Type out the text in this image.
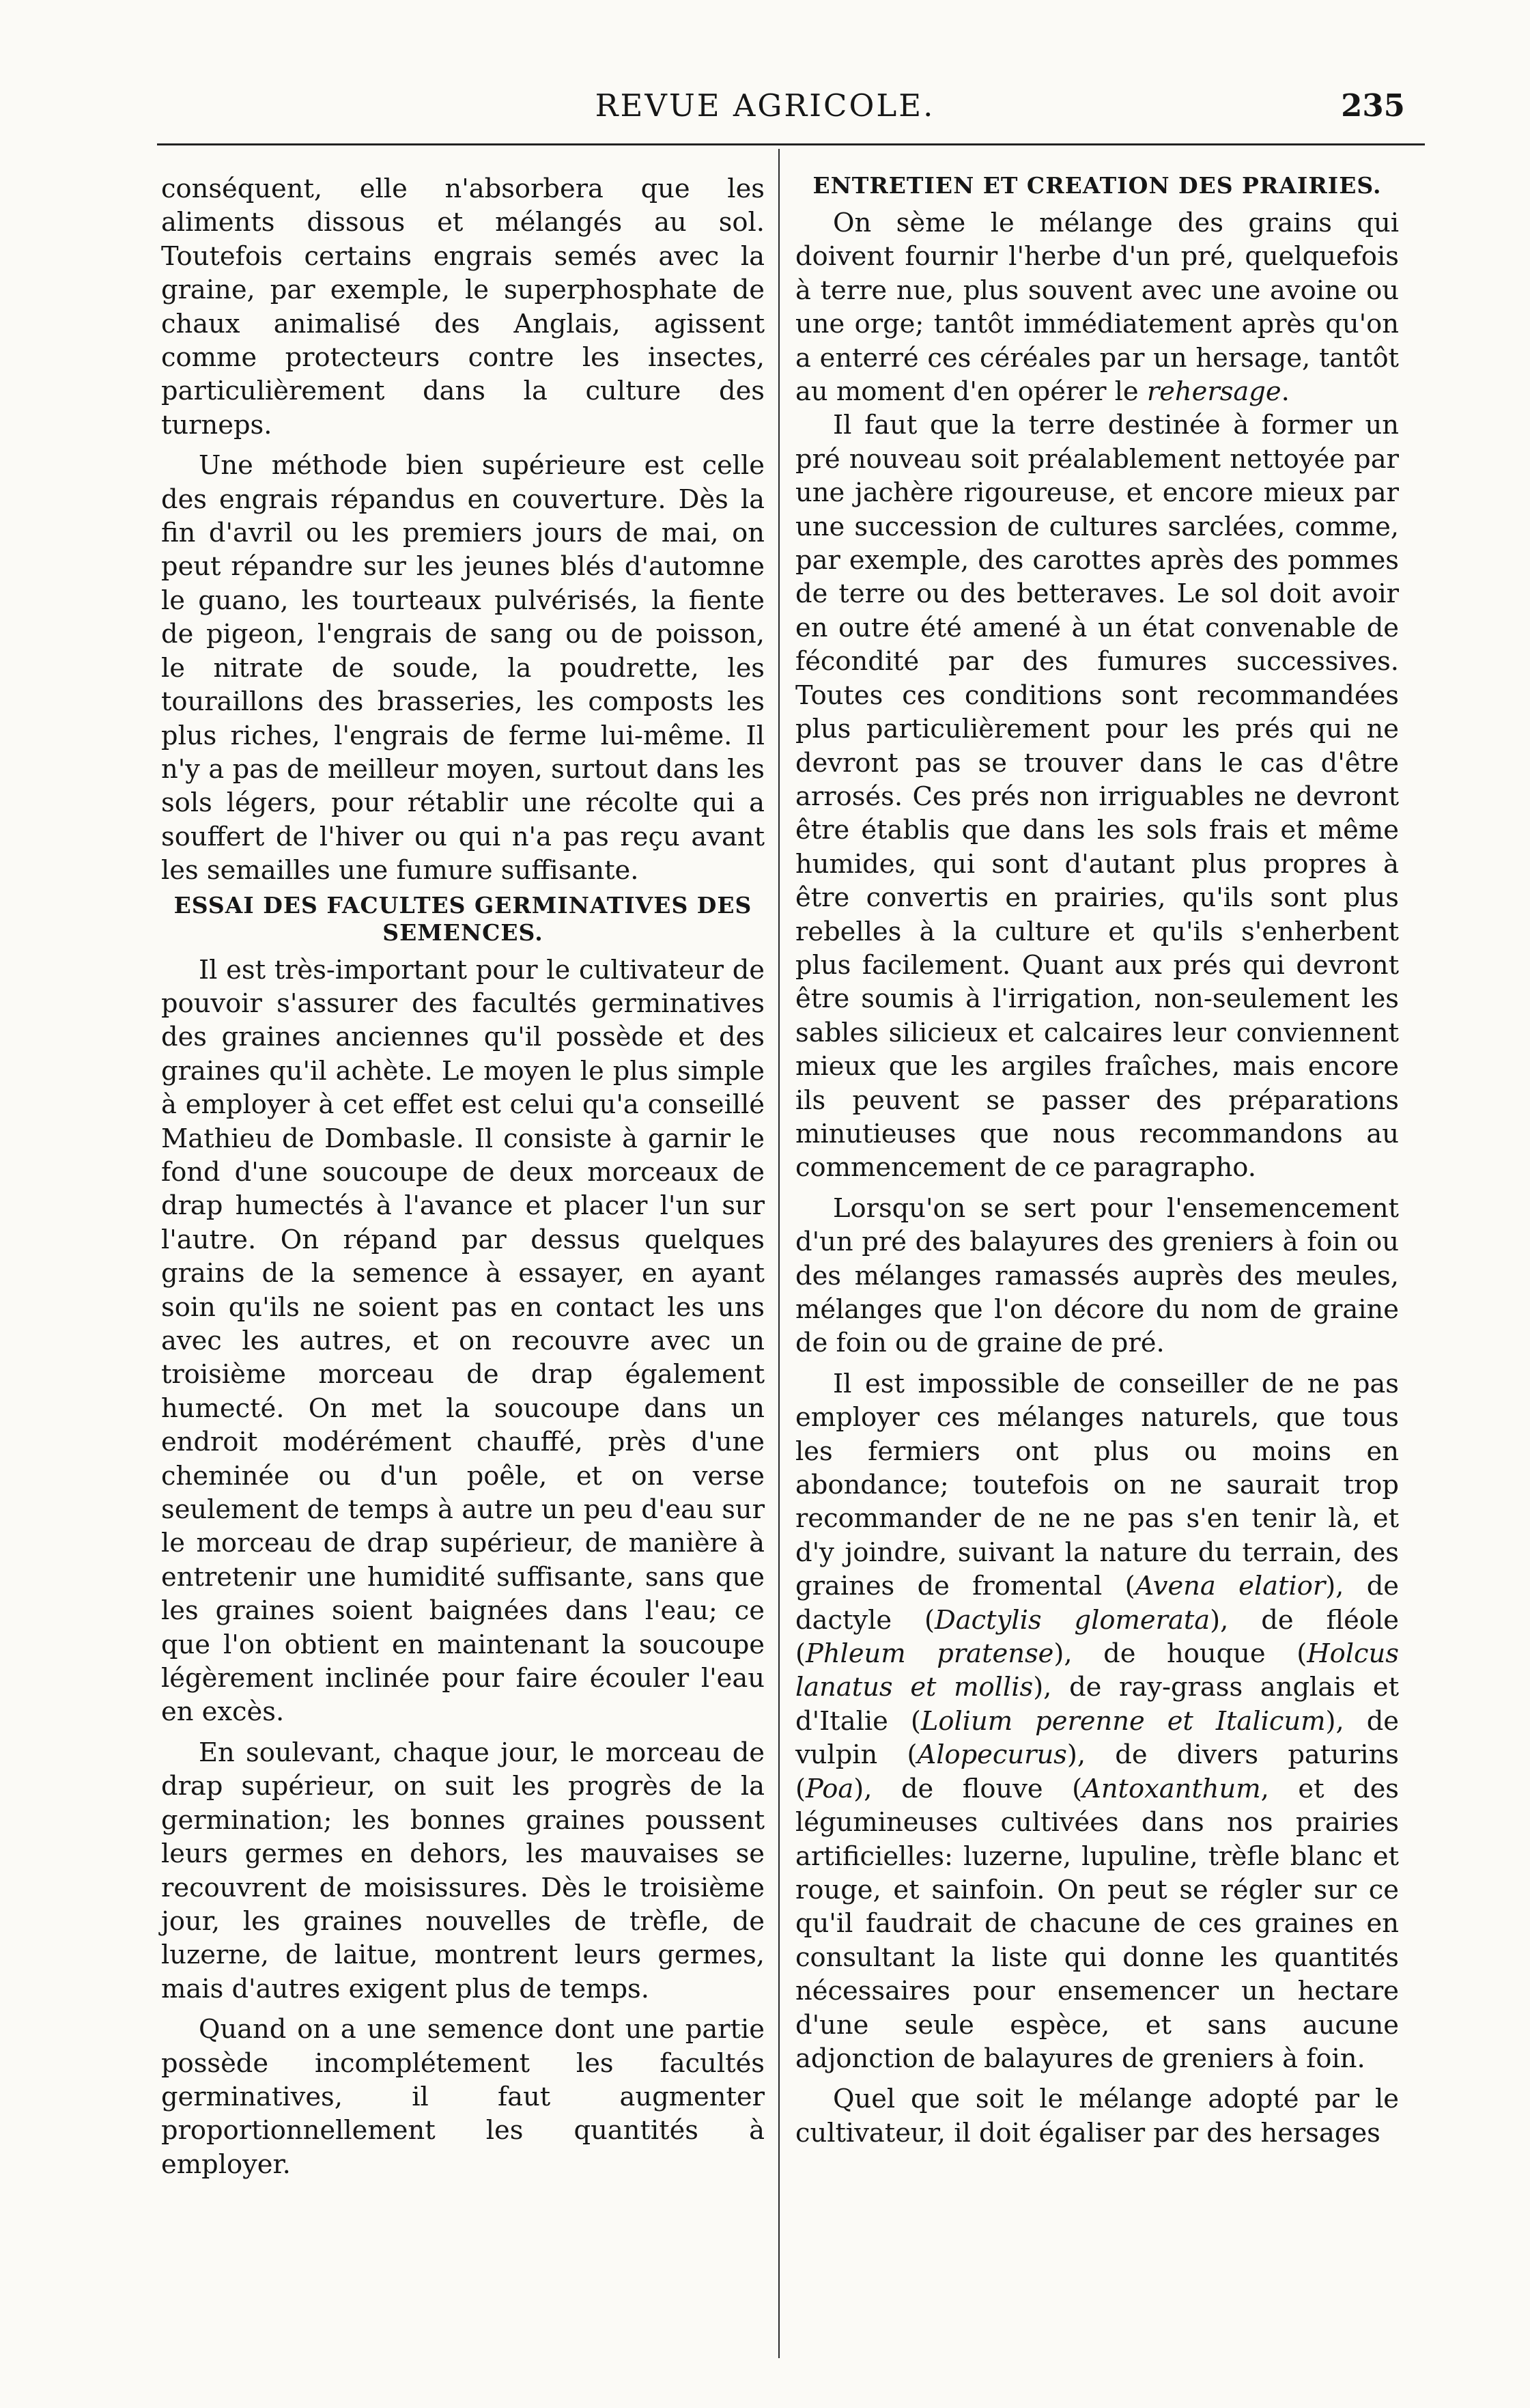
REVUE AGRICOLE.	235

conséquent, elle n'absorbera que les aliments dissous et mélangés au sol. Toutefois certains engrais semés avec la graine, par exemple, le superphosphate de chaux animalisé des Anglais, agissent comme protecteurs contre les insectes, particulièrement dans la culture des turneps.

Une méthode bien supérieure est celle des engrais répandus en couverture. Dès la fin d'avril ou les premiers jours de mai, on peut répandre sur les jeunes blés d'automne le guano, les tourteaux pulvérisés, la fiente de pigeon, l'engrais de sang ou de poisson, le nitrate de soude, la poudrette, les touraillons des brasseries, les composts les plus riches, l'engrais de ferme lui-même. Il n'y a pas de meilleur moyen, surtout dans les sols légers, pour rétablir une récolte qui a souffert de l'hiver ou qui n'a pas reçu avant les semailles une fumure suffisante.

ESSAI DES FACULTES GERMINATIVES DES SEMENCES.

Il est très-important pour le cultivateur de pouvoir s'assurer des facultés germinatives des graines anciennes qu'il possède et des graines qu'il achète. Le moyen le plus simple à employer à cet effet est celui qu'a conseillé Mathieu de Dombasle. Il consiste à garnir le fond d'une soucoupe de deux morceaux de drap humectés à l'avance et placer l'un sur l'autre. On répand par dessus quelques grains de la semence à essayer, en ayant soin qu'ils ne soient pas en contact les uns avec les autres, et on recouvre avec un troisième morceau de drap également humecté. On met la soucoupe dans un endroit modérément chauffé, près d'une cheminée ou d'un poêle, et on verse seulement de temps à autre un peu d'eau sur le morceau de drap supérieur, de manière à entretenir une humidité suffisante, sans que les graines soient baignées dans l'eau; ce que l'on obtient en maintenant la soucoupe légèrement inclinée pour faire écouler l'eau en excès.

En soulevant, chaque jour, le morceau de drap supérieur, on suit les progrès de la germination; les bonnes graines poussent leurs germes en dehors, les mauvaises se recouvrent de moisissures. Dès le troisième jour, les graines nouvelles de trèfle, de luzerne, de laitue, montrent leurs germes, mais d'autres exigent plus de temps.

Quand on a une semence dont une partie possède incomplétement les facultés germinatives, il faut augmenter proportionnellement les quantités à employer.

ENTRETIEN ET CREATION DES PRAIRIES.

On sème le mélange des grains qui doivent fournir l'herbe d'un pré, quelquefois à terre nue, plus souvent avec une avoine ou une orge; tantôt immédiatement après qu'on a enterré ces céréales par un hersage, tantôt au moment d'en opérer le rehersage.

Il faut que la terre destinée à former un pré nouveau soit préalablement nettoyée par une jachère rigoureuse, et encore mieux par une succession de cultures sarclées, comme, par exemple, des carottes après des pommes de terre ou des betteraves. Le sol doit avoir en outre été amené à un état convenable de fécondité par des fumures successives. Toutes ces conditions sont recommandées plus particulièrement pour les prés qui ne devront pas se trouver dans le cas d'être arrosés. Ces prés non irriguables ne devront être établis que dans les sols frais et même humides, qui sont d'autant plus propres à être convertis en prairies, qu'ils sont plus rebelles à la culture et qu'ils s'enherbent plus facilement. Quant aux prés qui devront être soumis à l'irrigation, non-seulement les sables silicieux et calcaires leur conviennent mieux que les argiles fraîches, mais encore ils peuvent se passer des préparations minutieuses que nous recommandons au commencement de ce paragrapho.

Lorsqu'on se sert pour l'ensemencement d'un pré des balayures des greniers à foin ou des mélanges ramassés auprès des meules, mélanges que l'on décore du nom de graine de foin ou de graine de pré.

Il est impossible de conseiller de ne pas employer ces mélanges naturels, que tous les fermiers ont plus ou moins en abondance; toutefois on ne saurait trop recommander de ne ne pas s'en tenir là, et d'y joindre, suivant la nature du terrain, des graines de fromental (Avena elatior), de dactyle (Dactylis glomerata), de fléole (Phleum pratense), de houque (Holcus lanatus et mollis), de ray-grass anglais et d'Italie (Lolium perenne et Italicum), de vulpin (Alopecurus), de divers paturins (Poa), de flouve (Antoxanthum, et des légumineuses cultivées dans nos prairies artificielles: luzerne, lupuline, trèfle blanc et rouge, et sainfoin. On peut se régler sur ce qu'il faudrait de chacune de ces graines en consultant la liste qui donne les quantités nécessaires pour ensemencer un hectare d'une seule espèce, et sans aucune adjonction de balayures de greniers à foin.

Quel que soit le mélange adopté par le cultivateur, il doit égaliser par des hersages
